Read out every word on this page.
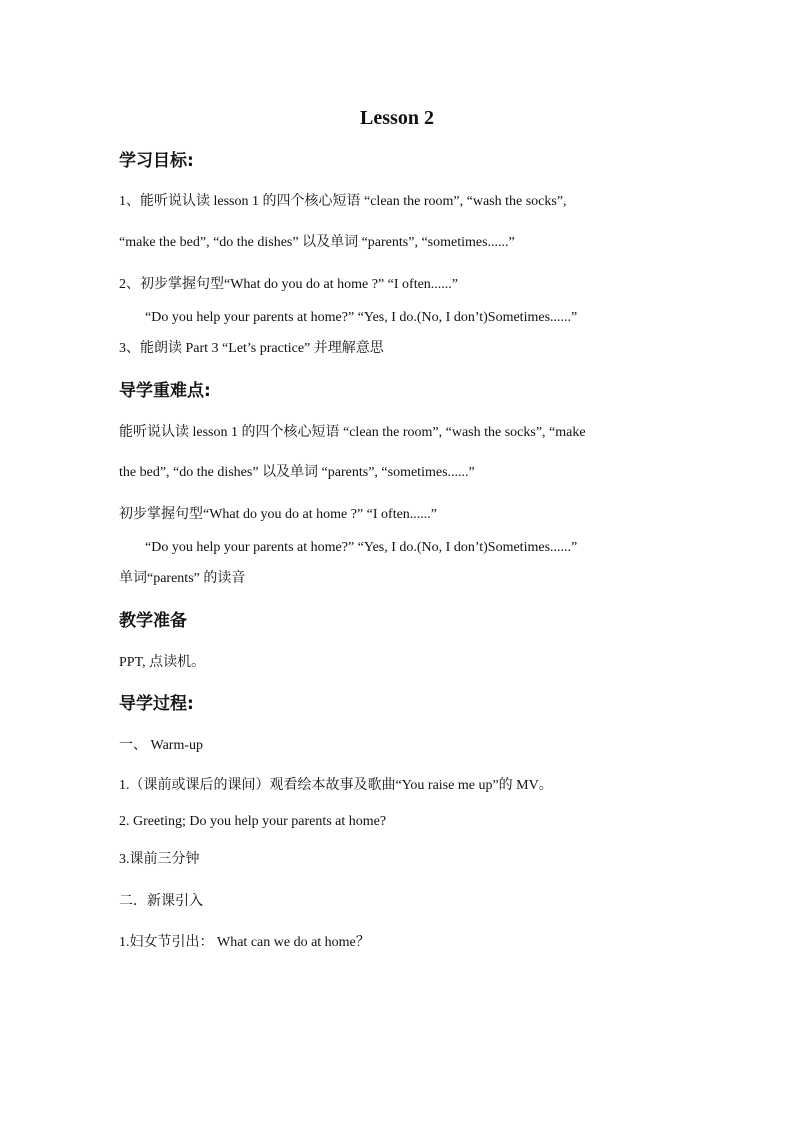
Lesson 2
学习目标:
1、能听说认读 lesson 1 的四个核心短语 “clean the room”, “wash the socks”,
“make the bed”, “do the dishes” 以及单词 “parents”, “sometimes......”
2、初步掌握句型“What do you do at home ?” “I often......”
“Do you help your parents at home?” “Yes, I do.(No, I don’t)Sometimes......”
3、能朗读 Part 3 “Let’s practice” 并理解意思
导学重难点:
能听说认读 lesson 1 的四个核心短语 “clean the room”, “wash the socks”, “make
the bed”, “do the dishes” 以及单词 “parents”, “sometimes......”
初步掌握句型“What do you do at home ?” “I often......”
“Do you help your parents at home?” “Yes, I do.(No, I don’t)Sometimes......”
单词“parents” 的读音
教学准备
PPT, 点读机。
导学过程:
一、 Warm-up
1.（课前或课后的课间）观看绘本故事及歌曲“You raise me up”的 MV。
2. Greeting; Do you help your parents at home?
3.课前三分钟
二．新课引入
1.妇女节引出： What can we do at home？
